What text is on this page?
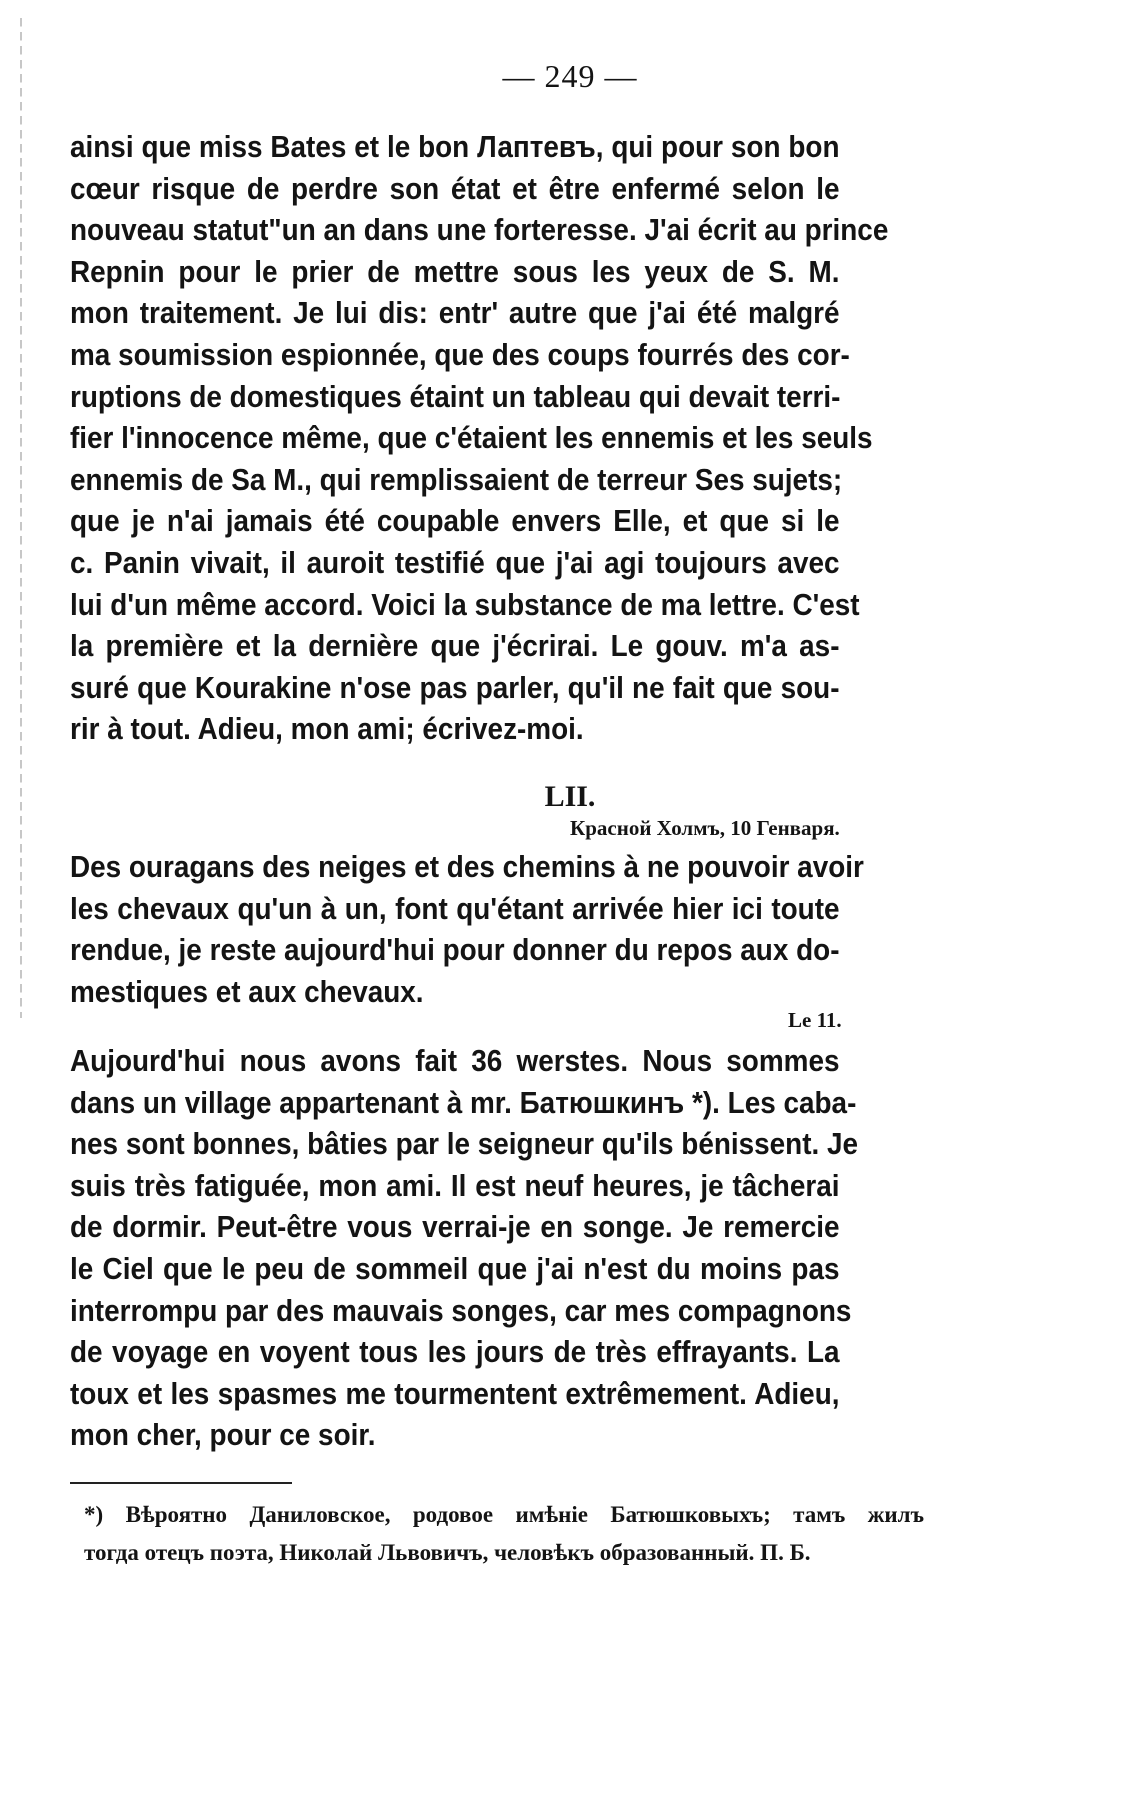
— 249 —
ainsi que miss Bates et le bon Лаптевъ, qui pour son bon
cœur risque de perdre son état et être enfermé selon le
nouveau statut"un an dans une forteresse. J'ai écrit au prince
Repnin pour le prier de mettre sous les yeux de S. M.
mon traitement. Je lui dis: entr' autre que j'ai été malgré
ma soumission espionnée, que des coups fourrés des cor-
ruptions de domestiques étaint un tableau qui devait terri-
fier l'innocence même, que c'étaient les ennemis et les seuls
ennemis de Sa M., qui remplissaient de terreur Ses sujets;
que je n'ai jamais été coupable envers Elle, et que si le
c. Panin vivait, il auroit testifié que j'ai agi toujours avec
lui d'un même accord. Voici la substance de ma lettre. C'est
la première et la dernière que j'écrirai. Le gouv. m'a as-
suré que Kourakine n'ose pas parler, qu'il ne fait que sou-
rir à tout. Adieu, mon ami; écrivez-moi.
LII.
Красной Холмъ, 10 Генваря.
Des ouragans des neiges et des chemins à ne pouvoir avoir
les chevaux qu'un à un, font qu'étant arrivée hier ici toute
rendue, je reste aujourd'hui pour donner du repos aux do-
mestiques et aux chevaux.
Le 11.
Aujourd'hui nous avons fait 36 werstes. Nous sommes
dans un village appartenant à mr. Батюшкинъ *). Les caba-
nes sont bonnes, bâties par le seigneur qu'ils bénissent. Je
suis très fatiguée, mon ami. Il est neuf heures, je tâcherai
de dormir. Peut-être vous verrai-je en songe. Je remercie
le Ciel que le peu de sommeil que j'ai n'est du moins pas
interrompu par des mauvais songes, car mes compagnons
de voyage en voyent tous les jours de très effrayants. La
toux et les spasmes me tourmentent extrêmement. Adieu,
mon cher, pour ce soir.
*) Вѣроятно Даниловское, родовое имѣніе Батюшковыхъ; тамъ жилъ
тогда отецъ поэта, Николай Львовичъ, человѣкъ образованный. П. Б.
